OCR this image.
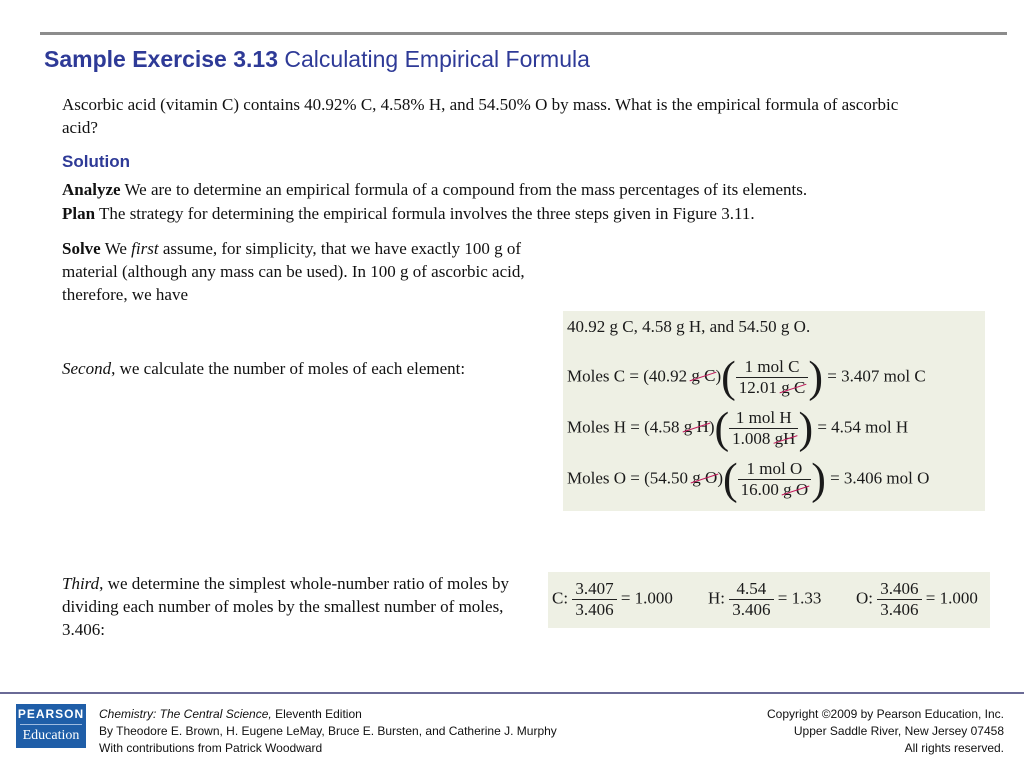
Sample Exercise 3.13 Calculating Empirical Formula
Ascorbic acid (vitamin C) contains 40.92% C, 4.58% H, and 54.50% O by mass. What is the empirical formula of ascorbic acid?
Solution
Analyze We are to determine an empirical formula of a compound from the mass percentages of its elements.
Plan The strategy for determining the empirical formula involves the three steps given in Figure 3.11.
Solve We first assume, for simplicity, that we have exactly 100 g of material (although any mass can be used). In 100 g of ascorbic acid, therefore, we have
Second, we calculate the number of moles of each element:
Third, we determine the simplest whole-number ratio of moles by dividing each number of moles by the smallest number of moles, 3.406:
40.92 g C, 4.58 g H, and 54.50 g O.
Moles C = (40.92 g $C)( \frac{\text{1 mol C}}{\text{12.01 g C}}$ ) = 3.407 mol C
Moles H = (4.58 g $H)( \frac{\text{1 mol H}}{1.008 gH}$ ) = 4.54 mol H
Moles O = (54.50 g $O)( \frac{\text{1 mol O}}{\text{16.00 g O}}$ ) = 3.406 mol O
C: $\frac{3.407}{3.406} = 1.000$ H: $\frac{4.54}{3.406} = 1.33$ O: $\frac{3.406}{3.406} = 1.000$
PEARSON
Education
Chemistry: The Central Science, Eleventh Edition
By Theodore E. Brown, H. Eugene LeMay, Bruce E. Bursten, and Catherine J. Murphy
With contributions from Patrick Woodward
Copyright ©2009 by Pearson Education, Inc.
Upper Saddle River, New Jersey 07458
All rights reserved.
